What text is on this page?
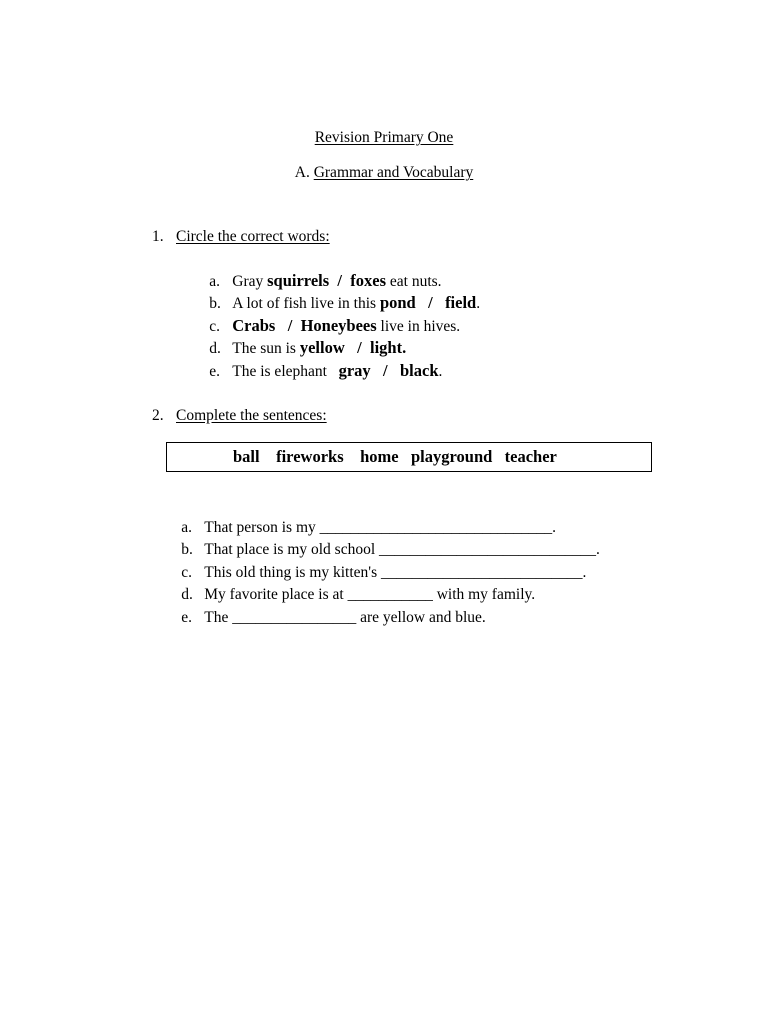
Revision Primary One
A. Grammar and Vocabulary
1. Circle the correct words:

a. Gray squirrels  /  foxes eat nuts.

b. A lot of fish live in this pond   /   field.

c. Crabs   /  Honeybees live in hives.

d. The sun is yellow   /  light.

e. The is elephant   gray   /   black.

2. Complete the sentences:
ball    fireworks    home   playground   teacher

a. That person is my ______________________________.

b. That place is my old school ____________________________.

c. This old thing is my kitten's __________________________.

d. My favorite place is at ___________ with my family.

e. The ________________ are yellow and blue.
